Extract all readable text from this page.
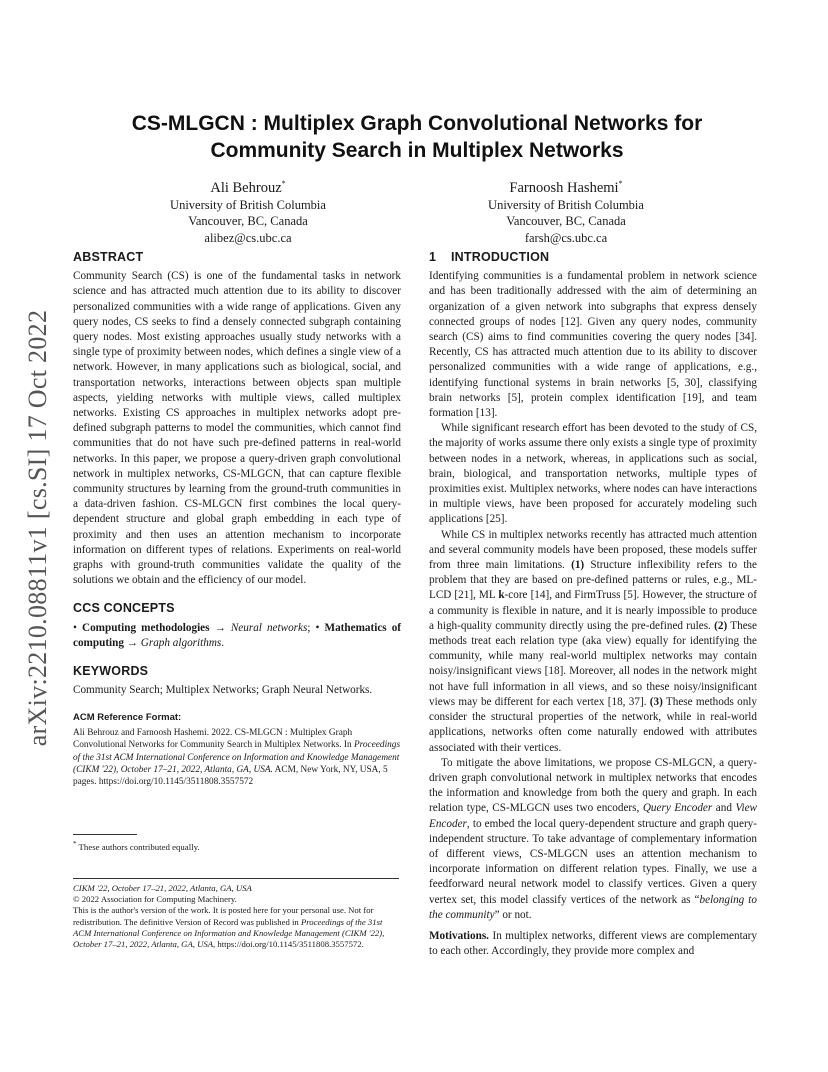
arXiv:2210.08811v1 [cs.SI] 17 Oct 2022
CS-MLGCN : Multiplex Graph Convolutional Networks for
Community Search in Multiplex Networks
Ali Behrouz*
University of British Columbia
Vancouver, BC, Canada
alibez@cs.ubc.ca
Farnoosh Hashemi*
University of British Columbia
Vancouver, BC, Canada
farsh@cs.ubc.ca
ABSTRACT

Community Search (CS) is one of the fundamental tasks in network science and has attracted much attention due to its ability to discover personalized communities with a wide range of applications. Given any query nodes, CS seeks to find a densely connected subgraph containing query nodes. Most existing approaches usually study networks with a single type of proximity between nodes, which defines a single view of a network. However, in many applications such as biological, social, and transportation networks, interactions between objects span multiple aspects, yielding networks with multiple views, called multiplex networks. Existing CS approaches in multiplex networks adopt pre-defined subgraph patterns to model the communities, which cannot find communities that do not have such pre-defined patterns in real-world networks. In this paper, we propose a query-driven graph convolutional network in multiplex networks, CS-MLGCN, that can capture flexible community structures by learning from the ground-truth communities in a data-driven fashion. CS-MLGCN first combines the local query-dependent structure and global graph embedding in each type of proximity and then uses an attention mechanism to incorporate information on different types of relations. Experiments on real-world graphs with ground-truth communities validate the quality of the solutions we obtain and the efficiency of our model.

CCS CONCEPTS

• Computing methodologies → Neural networks; • Mathematics of computing → Graph algorithms.

KEYWORDS

Community Search; Multiplex Networks; Graph Neural Networks.

ACM Reference Format:
Ali Behrouz and Farnoosh Hashemi. 2022. CS-MLGCN : Multiplex Graph Convolutional Networks for Community Search in Multiplex Networks. In Proceedings of the 31st ACM International Conference on Information and Knowledge Management (CIKM '22), October 17–21, 2022, Atlanta, GA, USA. ACM, New York, NY, USA, 5 pages. https://doi.org/10.1145/3511808.3557572
* These authors contributed equally.
CIKM '22, October 17–21, 2022, Atlanta, GA, USA
© 2022 Association for Computing Machinery.
This is the author's version of the work. It is posted here for your personal use. Not for redistribution. The definitive Version of Record was published in Proceedings of the 31st ACM International Conference on Information and Knowledge Management (CIKM '22), October 17–21, 2022, Atlanta, GA, USA, https://doi.org/10.1145/3511808.3557572.
1 INTRODUCTION

Identifying communities is a fundamental problem in network science and has been traditionally addressed with the aim of determining an organization of a given network into subgraphs that express densely connected groups of nodes [12]. Given any query nodes, community search (CS) aims to find communities covering the query nodes [34]. Recently, CS has attracted much attention due to its ability to discover personalized communities with a wide range of applications, e.g., identifying functional systems in brain networks [5, 30], classifying brain networks [5], protein complex identification [19], and team formation [13].

While significant research effort has been devoted to the study of CS, the majority of works assume there only exists a single type of proximity between nodes in a network, whereas, in applications such as social, brain, biological, and transportation networks, multiple types of proximities exist. Multiplex networks, where nodes can have interactions in multiple views, have been proposed for accurately modeling such applications [25].

While CS in multiplex networks recently has attracted much attention and several community models have been proposed, these models suffer from three main limitations. (1) Structure inflexibility refers to the problem that they are based on pre-defined patterns or rules, e.g., ML-LCD [21], ML k-core [14], and FirmTruss [5]. However, the structure of a community is flexible in nature, and it is nearly impossible to produce a high-quality community directly using the pre-defined rules. (2) These methods treat each relation type (aka view) equally for identifying the community, while many real-world multiplex networks may contain noisy/insignificant views [18]. Moreover, all nodes in the network might not have full information in all views, and so these noisy/insignificant views may be different for each vertex [18, 37]. (3) These methods only consider the structural properties of the network, while in real-world applications, networks often come naturally endowed with attributes associated with their vertices.

To mitigate the above limitations, we propose CS-MLGCN, a query-driven graph convolutional network in multiplex networks that encodes the information and knowledge from both the query and graph. In each relation type, CS-MLGCN uses two encoders, Query Encoder and View Encoder, to embed the local query-dependent structure and graph query-independent structure. To take advantage of complementary information of different views, CS-MLGCN uses an attention mechanism to incorporate information on different relation types. Finally, we use a feedforward neural network model to classify vertices. Given a query vertex set, this model classify vertices of the network as “belonging to the community” or not.

Motivations. In multiplex networks, different views are complementary to each other. Accordingly, they provide more complex and
